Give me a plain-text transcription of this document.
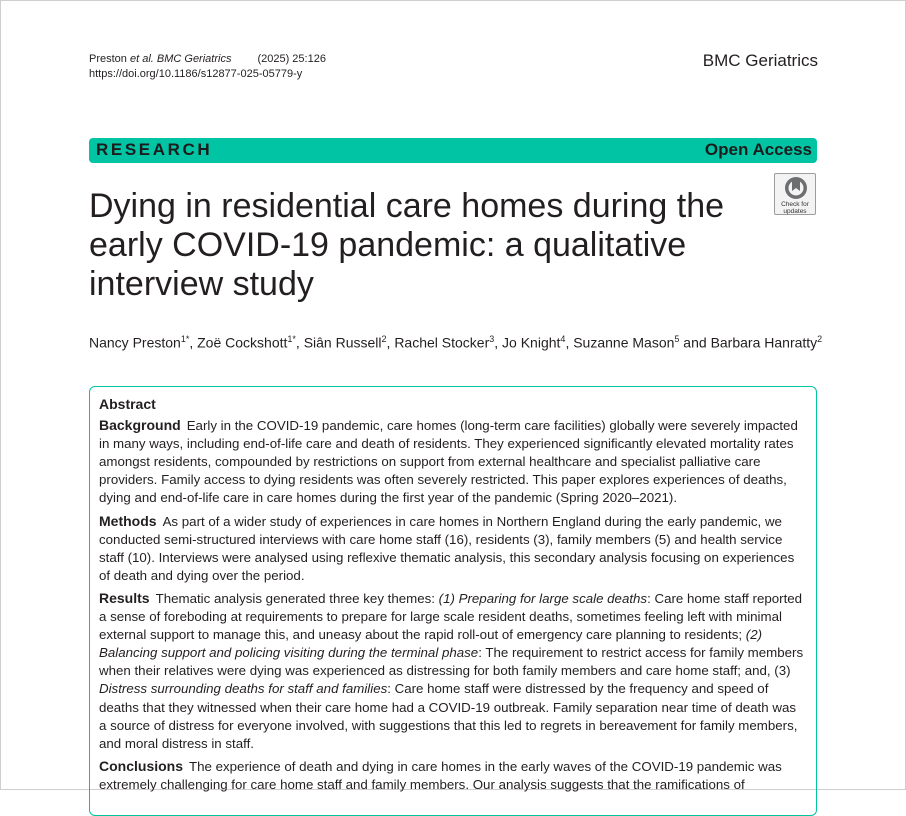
Preston et al. BMC Geriatrics (2025) 25:126
https://doi.org/10.1186/s12877-025-05779-y
BMC Geriatrics
RESEARCH	Open Access
Check for
updates
Dying in residential care homes during the early COVID-19 pandemic: a qualitative interview study
Nancy Preston$^{1*}$, Zoë Cockshott$^{1*}$, Siân Russell$^2$, Rachel Stocker$^3$, Jo Knight$^4$, Suzanne Mason$^5$ and Barbara Hanratty$^2$
Abstract
Background Early in the COVID-19 pandemic, care homes (long-term care facilities) globally were severely impacted in many ways, including end-of-life care and death of residents. They experienced significantly elevated mortality rates amongst residents, compounded by restrictions on support from external healthcare and specialist palliative care providers. Family access to dying residents was often severely restricted. This paper explores experiences of deaths, dying and end-of-life care in care homes during the first year of the pandemic (Spring 2020–2021).
Methods As part of a wider study of experiences in care homes in Northern England during the early pandemic, we conducted semi-structured interviews with care home staff (16), residents (3), family members (5) and health service staff (10). Interviews were analysed using reflexive thematic analysis, this secondary analysis focusing on experiences of death and dying over the period.
Results Thematic analysis generated three key themes: (1) Preparing for large scale deaths: Care home staff reported a sense of foreboding at requirements to prepare for large scale resident deaths, sometimes feeling left with minimal external support to manage this, and uneasy about the rapid roll-out of emergency care planning to residents; (2) Balancing support and policing visiting during the terminal phase: The requirement to restrict access for family members when their relatives were dying was experienced as distressing for both family members and care home staff; and, (3) Distress surrounding deaths for staff and families: Care home staff were distressed by the frequency and speed of deaths that they witnessed when their care home had a COVID-19 outbreak. Family separation near time of death was a source of distress for everyone involved, with suggestions that this led to regrets in bereavement for family members, and moral distress in staff.
Conclusions The experience of death and dying in care homes in the early waves of the COVID-19 pandemic was extremely challenging for care home staff and family members. Our analysis suggests that the ramifications of
